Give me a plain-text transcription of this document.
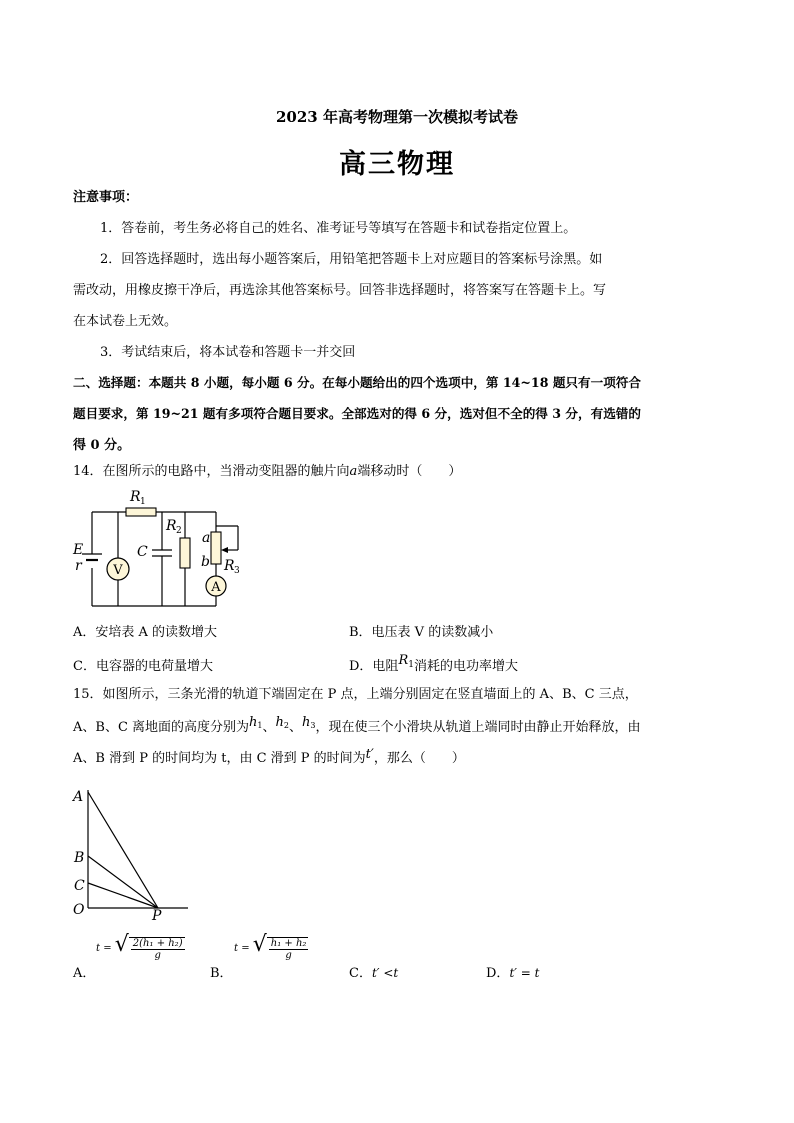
2023 年高考物理第一次模拟考试卷
高三物理
注意事项：
1．答卷前，考生务必将自己的姓名、准考证号等填写在答题卡和试卷指定位置上。
2．回答选择题时，选出每小题答案后，用铅笔把答题卡上对应题目的答案标号涂黑。如
需改动，用橡皮擦干净后，再选涂其他答案标号。回答非选择题时，将答案写在答题卡上。写
在本试卷上无效。
3．考试结束后，将本试卷和答题卡一并交回
二、选择题：本题共 8 小题，每小题 6 分。在每小题给出的四个选项中，第 14~18 题只有一项符合
题目要求，第 19~21 题有多项符合题目要求。全部选对的得 6 分，选对但不全的得 3 分，有选错的
得 0 分。
14．在图所示的电路中，当滑动变阻器的触片向a端移动时（　　）
V
A
R 1
R 2
R 3
C
E
r
a
b
A．安培表 A 的读数增大	B．电压表 V 的读数减小
C．电容器的电荷量增大	D．电阻$R^1$消耗的电功率增大
15．如图所示，三条光滑的轨道下端固定在 P 点，上端分别固定在竖直墙面上的 A、B、C 三点，
A、B、C 离地面的高度分别为$h^1$、$h^2$、$h^3$，现在使三个小滑块从轨道上端同时由静止开始释放，由
A、B 滑到 P 的时间均为 t，由 C 滑到 P 的时间为t′，那么（　　）
A
B
C
O	P
A．
t = √ $\frac{\text{2(h₁ + h₂)}}{g}$
B．
t = √ $\frac{\text{h₁ + h₂}}{g}$
C．t′ <t	D．t′ = t
